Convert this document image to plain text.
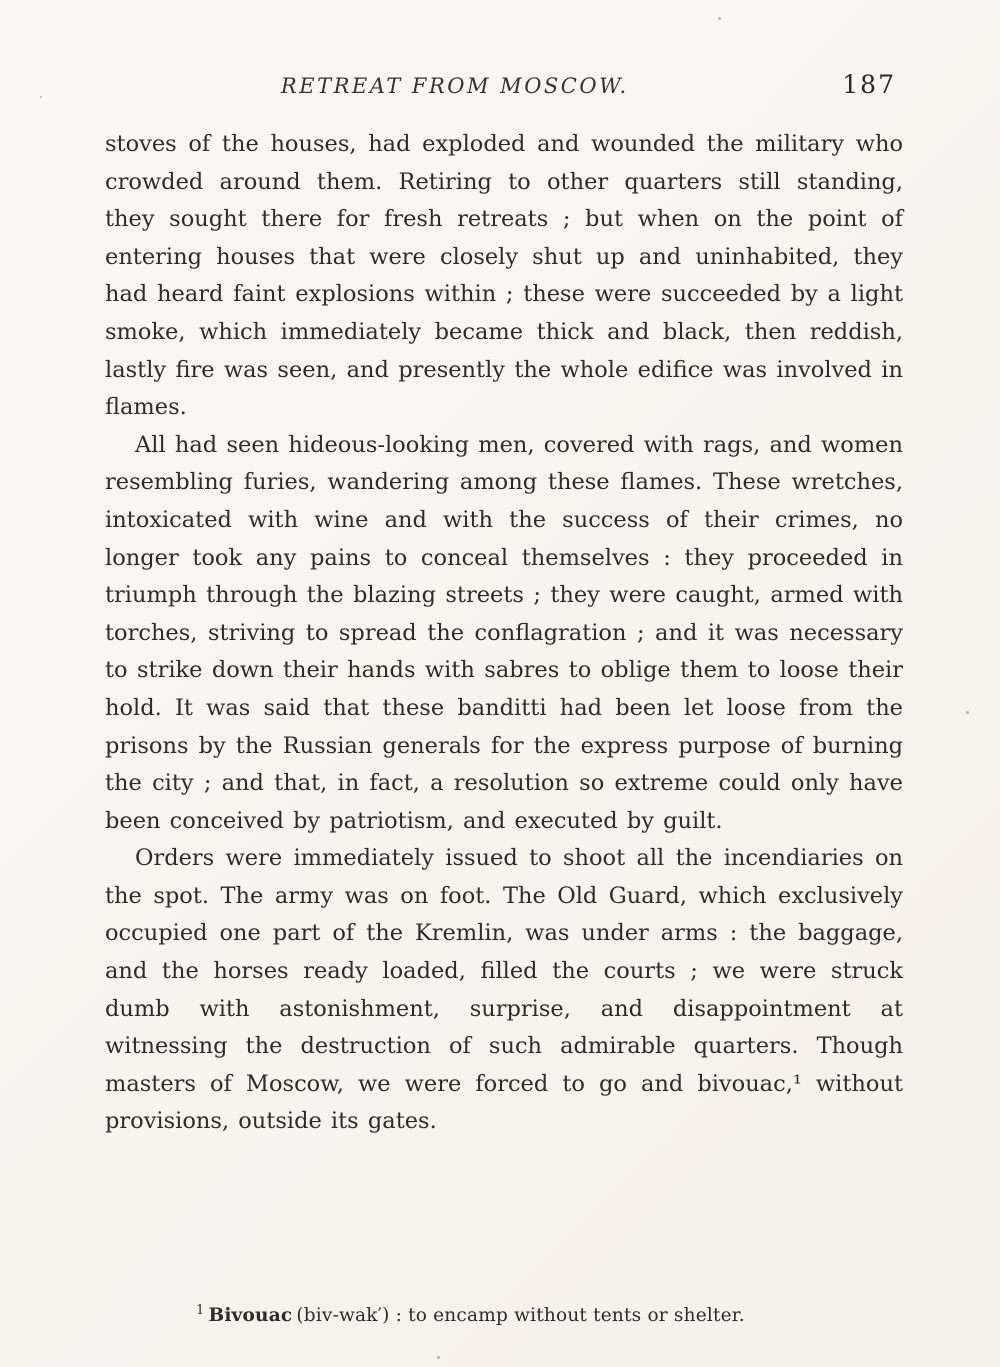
RETREAT FROM MOSCOW.	187

stoves of the houses, had exploded and wounded the military who crowded around them. Retiring to other quarters still standing, they sought there for fresh retreats ; but when on the point of entering houses that were closely shut up and uninhabited, they had heard faint explosions within ; these were succeeded by a light smoke, which immediately became thick and black, then reddish, lastly fire was seen, and presently the whole edifice was involved in flames.

All had seen hideous-looking men, covered with rags, and women resembling furies, wandering among these flames. These wretches, intoxicated with wine and with the success of their crimes, no longer took any pains to conceal themselves : they proceeded in triumph through the blazing streets ; they were caught, armed with torches, striving to spread the conflagration ; and it was necessary to strike down their hands with sabres to oblige them to loose their hold. It was said that these banditti had been let loose from the prisons by the Russian generals for the express purpose of burning the city ; and that, in fact, a resolution so extreme could only have been conceived by patriotism, and executed by guilt.

Orders were immediately issued to shoot all the incendiaries on the spot. The army was on foot. The Old Guard, which exclusively occupied one part of the Kremlin, was under arms : the baggage, and the horses ready loaded, filled the courts ; we were struck dumb with astonishment, surprise, and disappointment at witnessing the destruction of such admirable quarters. Though masters of Moscow, we were forced to go and bivouac,¹ without provisions, outside its gates.

$^1$ Bivouac (biv-wak′) : to encamp without tents or shelter.
